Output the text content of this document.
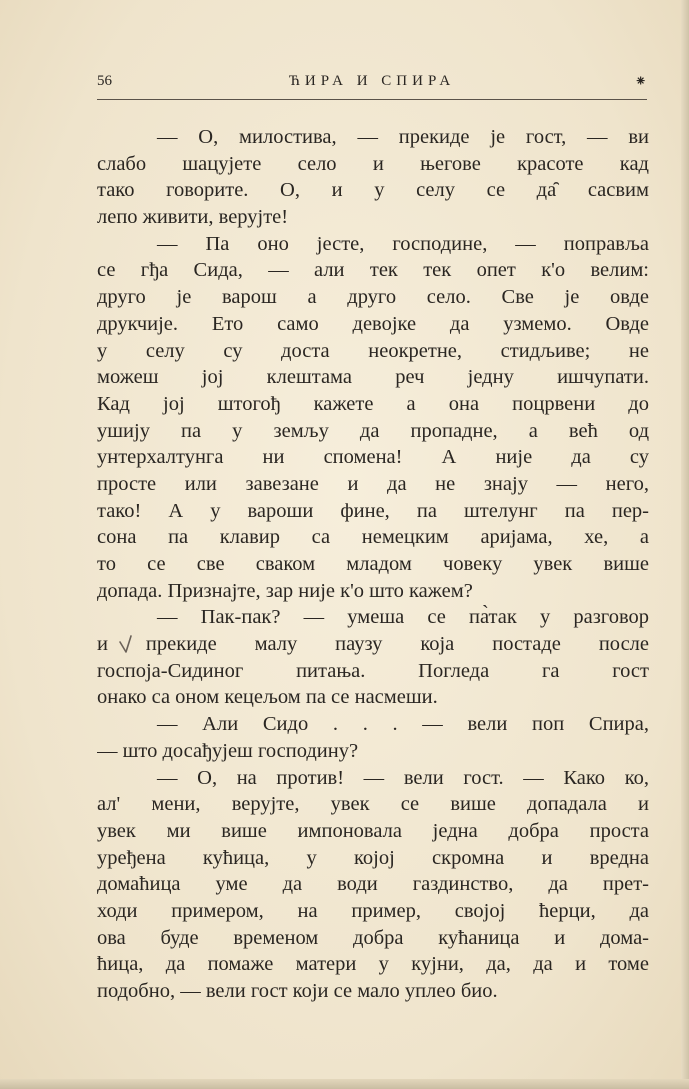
56	ЋИРА И СПИРА	⁕
— О, милостива, — прекиде је гост, — ви
слабо шацујете село и његове красоте кад
тако говорите. О, и у селу се да̑ сасвим
лепо живити, верујте!
— Па оно јесте, господине, — поправља
се гђа Сида, — али тек тек опет к'о велим:
друго је варош а друго село. Све је овде
друкчије. Ето само девојке да узмемо. Овде
у селу су доста неокретне, стидљиве; не
можеш јој клештама реч једну ишчупати.
Кад јој штогођ кажете а она поцрвени до
ушију па у земљу да пропадне, а већ од
унтерхалтунга ни спомена! А није да су
просте или завезане и да не знају — него,
тако! А у вароши фине, па штелунг па пер-
сона па клавир са немецким аријама, хе, а
то се све сваком младом човеку увек више
допада. Признајте, зар није к'о што кажем?
— Пак-пак? — умеша се па̀так у разговор
и прекиде малу паузу која постаде после
госпоја-Сидиног питања. Погледа га гост
онако са оном кецељом па се насмеши.
— Али Сидо . . . — вели поп Спира,
— што досађујеш господину?
— О, на против! — вели гост. — Како ко,
ал' мени, верујте, увек се више допадала и
увек ми више импоновала једна добра проста
уређена кућица, у којој скромна и вредна
домаћица уме да води газдинство, да прет-
ходи примером, на пример, својој ћерци, да
ова буде временом добра кућаница и дома-
ћица, да помаже матери у кујни, да, да и томе
подобно, — вели гост који се мало уплео био.
